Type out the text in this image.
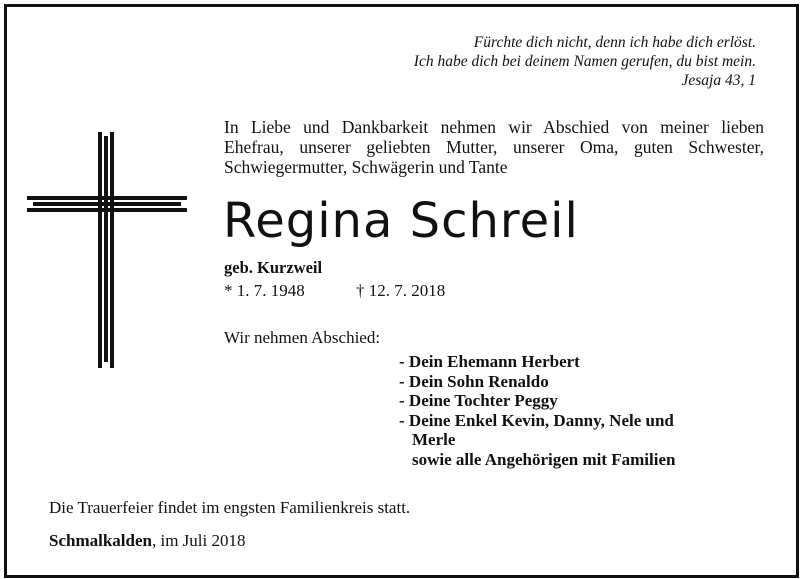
Fürchte dich nicht, denn ich habe dich erlöst.
Ich habe dich bei deinem Namen gerufen, du bist mein.
Jesaja 43, 1
In Liebe und Dankbarkeit nehmen wir Abschied von meiner lieben
Ehefrau, unserer geliebten Mutter, unserer Oma, guten Schwester,
Schwiegermutter, Schwägerin und Tante
Regina Schreil
geb. Kurzweil
* 1. 7. 1948	† 12. 7. 2018
Wir nehmen Abschied:
- Dein Ehemann Herbert
- Dein Sohn Renaldo
- Deine Tochter Peggy
- Deine Enkel Kevin, Danny, Nele und
Merle
sowie alle Angehörigen mit Familien
Die Trauerfeier findet im engsten Familienkreis statt.
Schmalkalden, im Juli 2018
